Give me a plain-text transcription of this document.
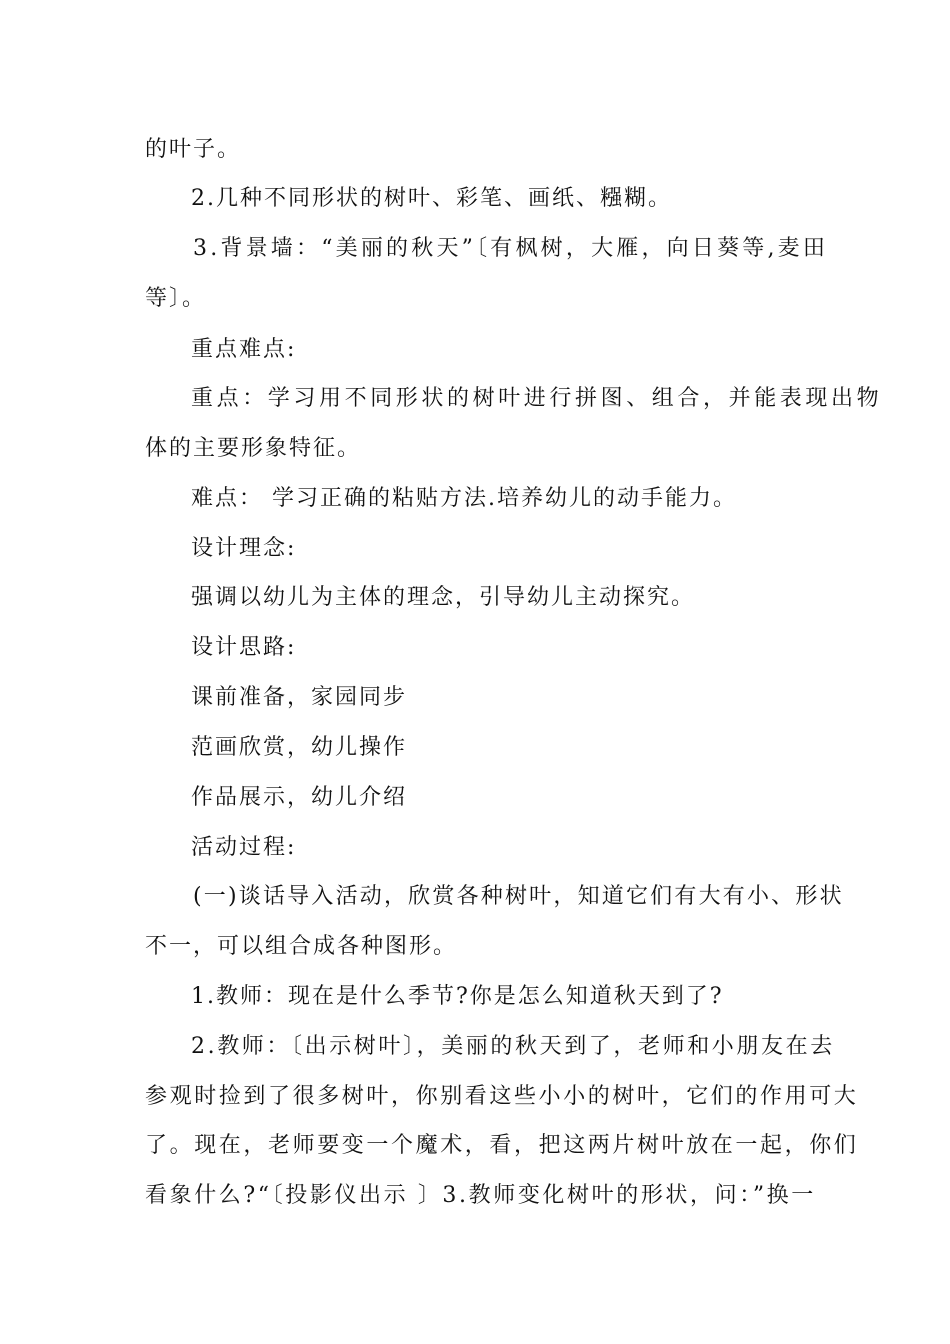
的叶子。
2.几种不同形状的树叶、彩笔、画纸、糨糊。
3.背景墙：“美丽的秋天”〔有枫树，大雁，向日葵等,麦田
等〕。
重点难点:
重点：学习用不同形状的树叶进行拼图、组合，并能表现出物
体的主要形象特征。
难点： 学习正确的粘贴方法.培养幼儿的动手能力。
设计理念:
强调以幼儿为主体的理念，引导幼儿主动探究。
设计思路:
课前准备，家园同步
范画欣赏，幼儿操作
作品展示，幼儿介绍
活动过程:
(一)谈话导入活动，欣赏各种树叶，知道它们有大有小、形状
不一，可以组合成各种图形。
1.教师：现在是什么季节?你是怎么知道秋天到了?
2.教师：〔出示树叶〕，美丽的秋天到了，老师和小朋友在去
参观时捡到了很多树叶，你别看这些小小的树叶，它们的作用可大
了。现在，老师要变一个魔术，看，把这两片树叶放在一起，你们
看象什么?“〔投影仪出示 〕3.教师变化树叶的形状，问：”换一
